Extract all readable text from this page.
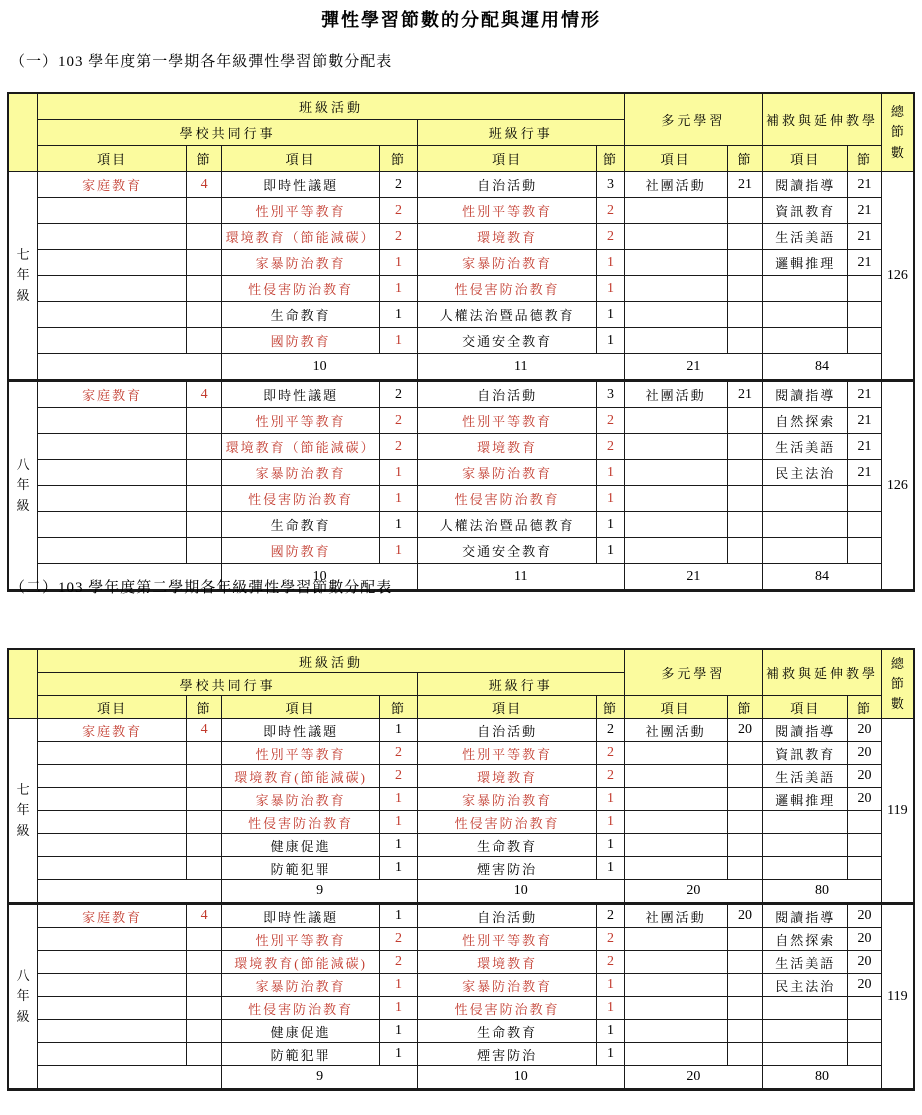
彈性學習節數的分配與運用情形
（一）103 學年度第一學期各年級彈性學習節數分配表
	班級活動						多元學習		補救與延伸教學		總節數
	學校共同行事				班級行事						
	項目	節	項目	節	項目	節	項目	節	項目	節	
七年級	家庭教育	4	即時性議題	2	自治活動	3	社團活動	21	閱讀指導	21	126
			性別平等教育	2	性別平等教育	2			資訊教育	21	
			環境教育（節能減碳）	2	環境教育	2			生活美語	21	
			家暴防治教育	1	家暴防治教育	1			邏輯推理	21	
			性侵害防治教育	1	性侵害防治教育	1					
			生命教育	1	人權法治暨品德教育	1					
			國防教育	1	交通安全教育	1					
			10		11		21		84		
八年級	家庭教育	4	即時性議題	2	自治活動	3	社團活動	21	閱讀指導	21	126
			性別平等教育	2	性別平等教育	2			自然探索	21	
			環境教育（節能減碳）	2	環境教育	2			生活美語	21	
			家暴防治教育	1	家暴防治教育	1			民主法治	21	
			性侵害防治教育	1	性侵害防治教育	1					
			生命教育	1	人權法治暨品德教育	1					
			國防教育	1	交通安全教育	1					
			10		11		21		84		
（二）103 學年度第二學期各年級彈性學習節數分配表
	班級活動						多元學習		補救與延伸教學		總節數
	學校共同行事				班級行事						
	項目	節	項目	節	項目	節	項目	節	項目	節	
七年級	家庭教育	4	即時性議題	1	自治活動	2	社團活動	20	閱讀指導	20	119
			性別平等教育	2	性別平等教育	2			資訊教育	20	
			環境教育(節能減碳)	2	環境教育	2			生活美語	20	
			家暴防治教育	1	家暴防治教育	1			邏輯推理	20	
			性侵害防治教育	1	性侵害防治教育	1					
			健康促進	1	生命教育	1					
			防範犯罪	1	煙害防治	1					
			9		10		20		80		
八年級	家庭教育	4	即時性議題	1	自治活動	2	社團活動	20	閱讀指導	20	119
			性別平等教育	2	性別平等教育	2			自然探索	20	
			環境教育(節能減碳)	2	環境教育	2			生活美語	20	
			家暴防治教育	1	家暴防治教育	1			民主法治	20	
			性侵害防治教育	1	性侵害防治教育	1					
			健康促進	1	生命教育	1					
			防範犯罪	1	煙害防治	1					
			9		10		20		80		
